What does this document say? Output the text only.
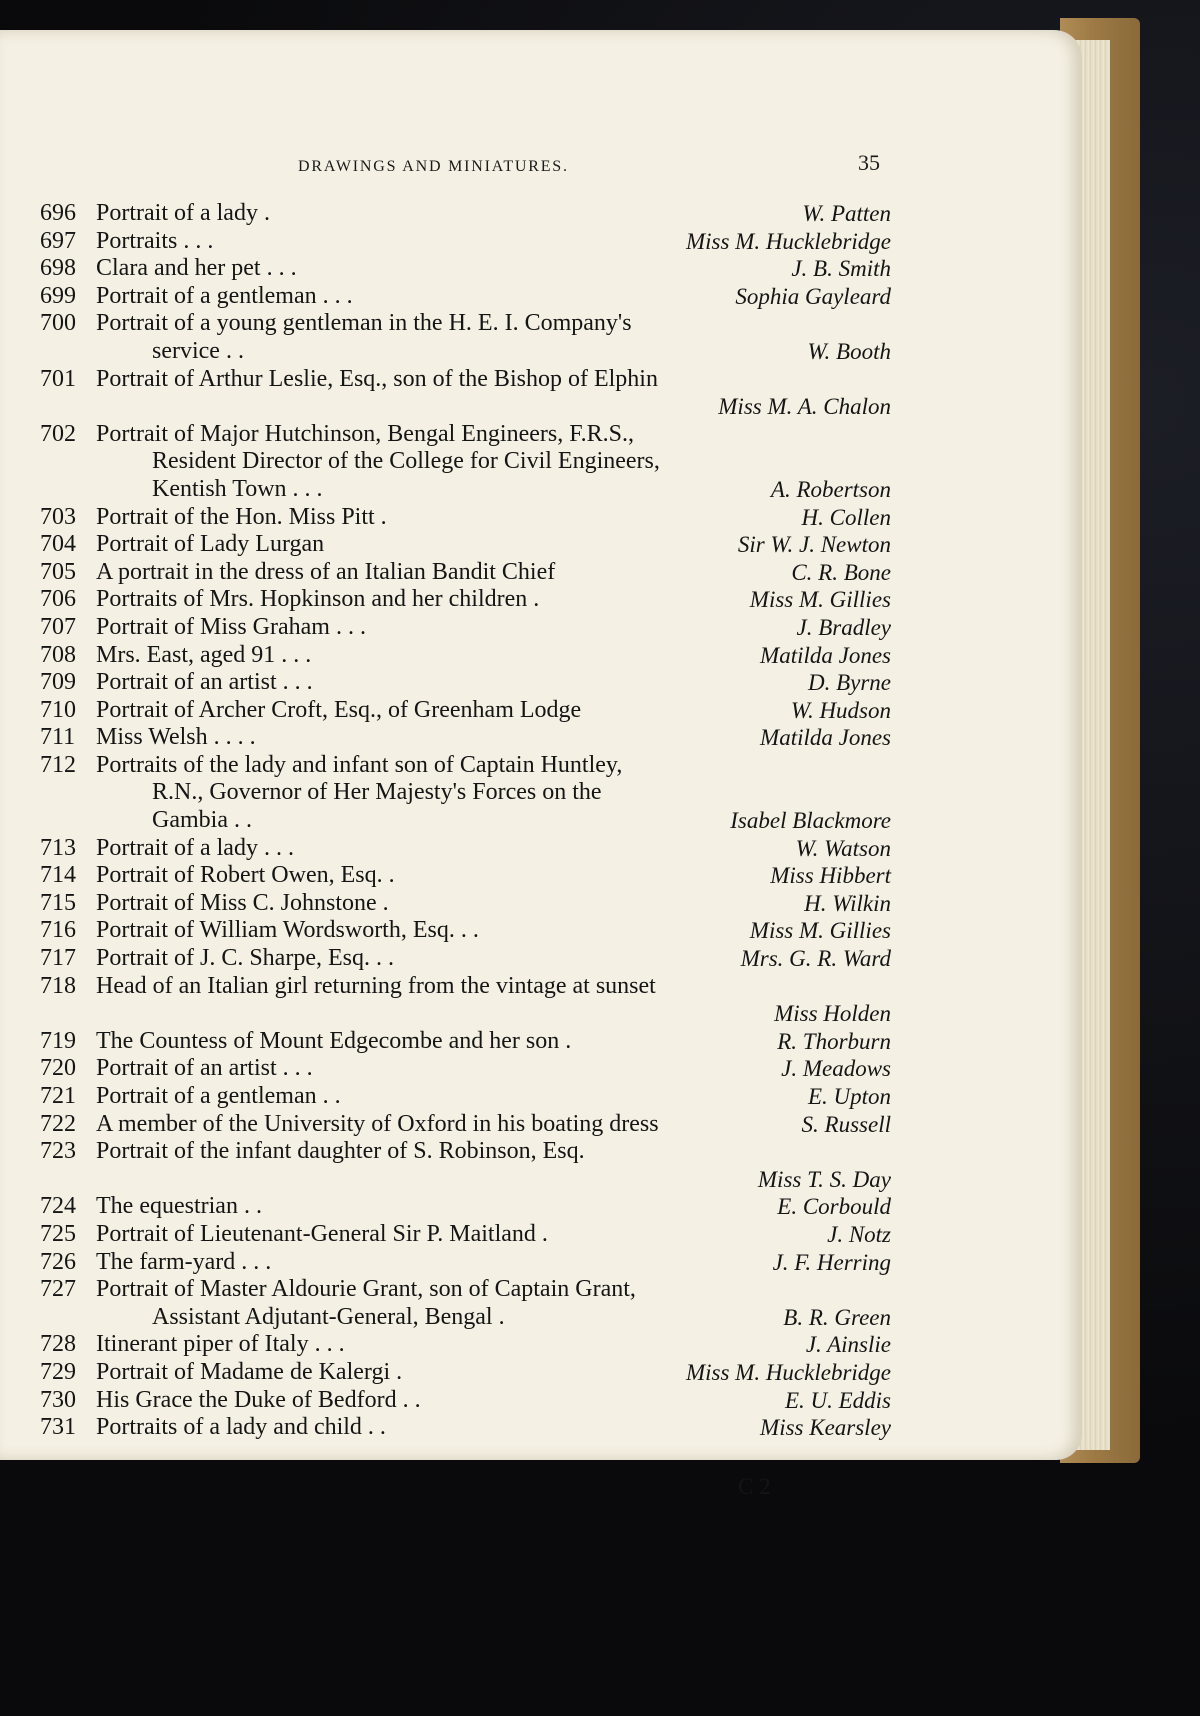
DRAWINGS AND MINIATURES.	35
696 Portrait of a lady .	W. Patten
697 Portraits . . .	Miss M. Hucklebridge
698 Clara and her pet . . .	J. B. Smith
699 Portrait of a gentleman . . .	Sophia Gayleard
700 Portrait of a young gentleman in the H. E. I. Company's
service . .	W. Booth
701 Portrait of Arthur Leslie, Esq., son of the Bishop of Elphin
Miss M. A. Chalon
702 Portrait of Major Hutchinson, Bengal Engineers, F.R.S.,
Resident Director of the College for Civil Engineers,
Kentish Town . . .	A. Robertson
703 Portrait of the Hon. Miss Pitt .	H. Collen
704 Portrait of Lady Lurgan	Sir W. J. Newton
705 A portrait in the dress of an Italian Bandit Chief	C. R. Bone
706 Portraits of Mrs. Hopkinson and her children .	Miss M. Gillies
707 Portrait of Miss Graham . . .	J. Bradley
708 Mrs. East, aged 91 . . .	Matilda Jones
709 Portrait of an artist . . .	D. Byrne
710 Portrait of Archer Croft, Esq., of Greenham Lodge	W. Hudson
711 Miss Welsh . . . .	Matilda Jones
712 Portraits of the lady and infant son of Captain Huntley,
R.N., Governor of Her Majesty's Forces on the
Gambia . .	Isabel Blackmore
713 Portrait of a lady . . .	W. Watson
714 Portrait of Robert Owen, Esq. .	Miss Hibbert
715 Portrait of Miss C. Johnstone .	H. Wilkin
716 Portrait of William Wordsworth, Esq. . .	Miss M. Gillies
717 Portrait of J. C. Sharpe, Esq. . .	Mrs. G. R. Ward
718 Head of an Italian girl returning from the vintage at sunset
Miss Holden
719 The Countess of Mount Edgecombe and her son .	R. Thorburn
720 Portrait of an artist . . .	J. Meadows
721 Portrait of a gentleman . .	E. Upton
722 A member of the University of Oxford in his boating dress	S. Russell
723 Portrait of the infant daughter of S. Robinson, Esq.
Miss T. S. Day
724 The equestrian . .	E. Corbould
725 Portrait of Lieutenant-General Sir P. Maitland .	J. Notz
726 The farm-yard . . .	J. F. Herring
727 Portrait of Master Aldourie Grant, son of Captain Grant,
Assistant Adjutant-General, Bengal .	B. R. Green
728 Itinerant piper of Italy . . .	J. Ainslie
729 Portrait of Madame de Kalergi .	Miss M. Hucklebridge
730 His Grace the Duke of Bedford . .	E. U. Eddis
731 Portraits of a lady and child . .	Miss Kearsley
C 2
